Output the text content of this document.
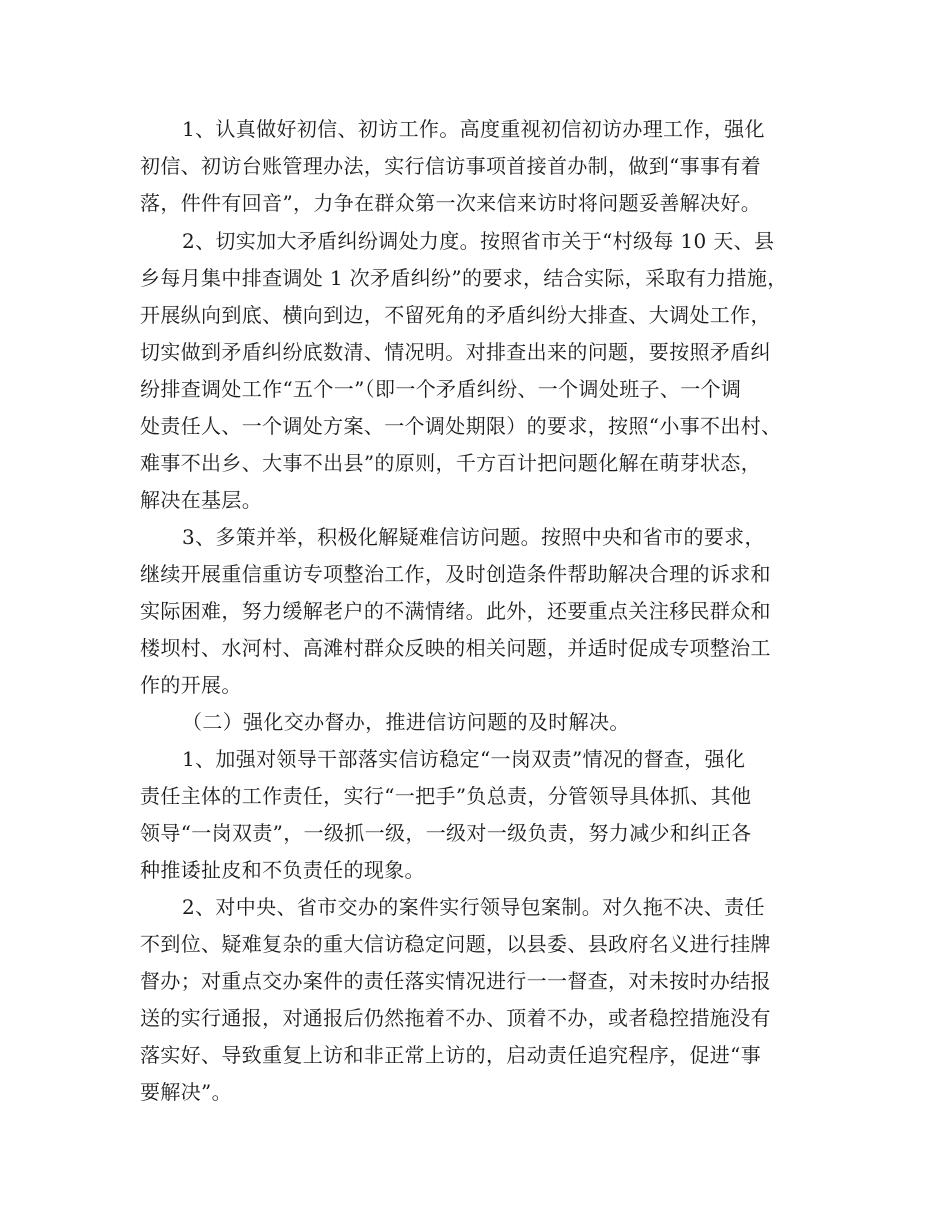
1、认真做好初信、初访工作。高度重视初信初访办理工作，强化
初信、初访台账管理办法，实行信访事项首接首办制，做到“事事有着
落，件件有回音”，力争在群众第一次来信来访时将问题妥善解决好。
2、切实加大矛盾纠纷调处力度。按照省市关于“村级每 10 天、县
乡每月集中排查调处 1 次矛盾纠纷”的要求，结合实际，采取有力措施，
开展纵向到底、横向到边，不留死角的矛盾纠纷大排查、大调处工作，
切实做到矛盾纠纷底数清、情况明。对排查出来的问题，要按照矛盾纠
纷排查调处工作“五个一”（即一个矛盾纠纷、一个调处班子、一个调
处责任人、一个调处方案、一个调处期限）的要求，按照“小事不出村、
难事不出乡、大事不出县”的原则，千方百计把问题化解在萌芽状态，
解决在基层。
3、多策并举，积极化解疑难信访问题。按照中央和省市的要求，
继续开展重信重访专项整治工作，及时创造条件帮助解决合理的诉求和
实际困难，努力缓解老户的不满情绪。此外，还要重点关注移民群众和
楼坝村、水河村、高滩村群众反映的相关问题，并适时促成专项整治工
作的开展。
（二）强化交办督办，推进信访问题的及时解决。
1、加强对领导干部落实信访稳定“一岗双责”情况的督查，强化
责任主体的工作责任，实行“一把手”负总责，分管领导具体抓、其他
领导“一岗双责”，一级抓一级，一级对一级负责，努力减少和纠正各
种推诿扯皮和不负责任的现象。
2、对中央、省市交办的案件实行领导包案制。对久拖不决、责任
不到位、疑难复杂的重大信访稳定问题，以县委、县政府名义进行挂牌
督办；对重点交办案件的责任落实情况进行一一督查，对未按时办结报
送的实行通报，对通报后仍然拖着不办、顶着不办，或者稳控措施没有
落实好、导致重复上访和非正常上访的，启动责任追究程序，促进“事
要解决”。
